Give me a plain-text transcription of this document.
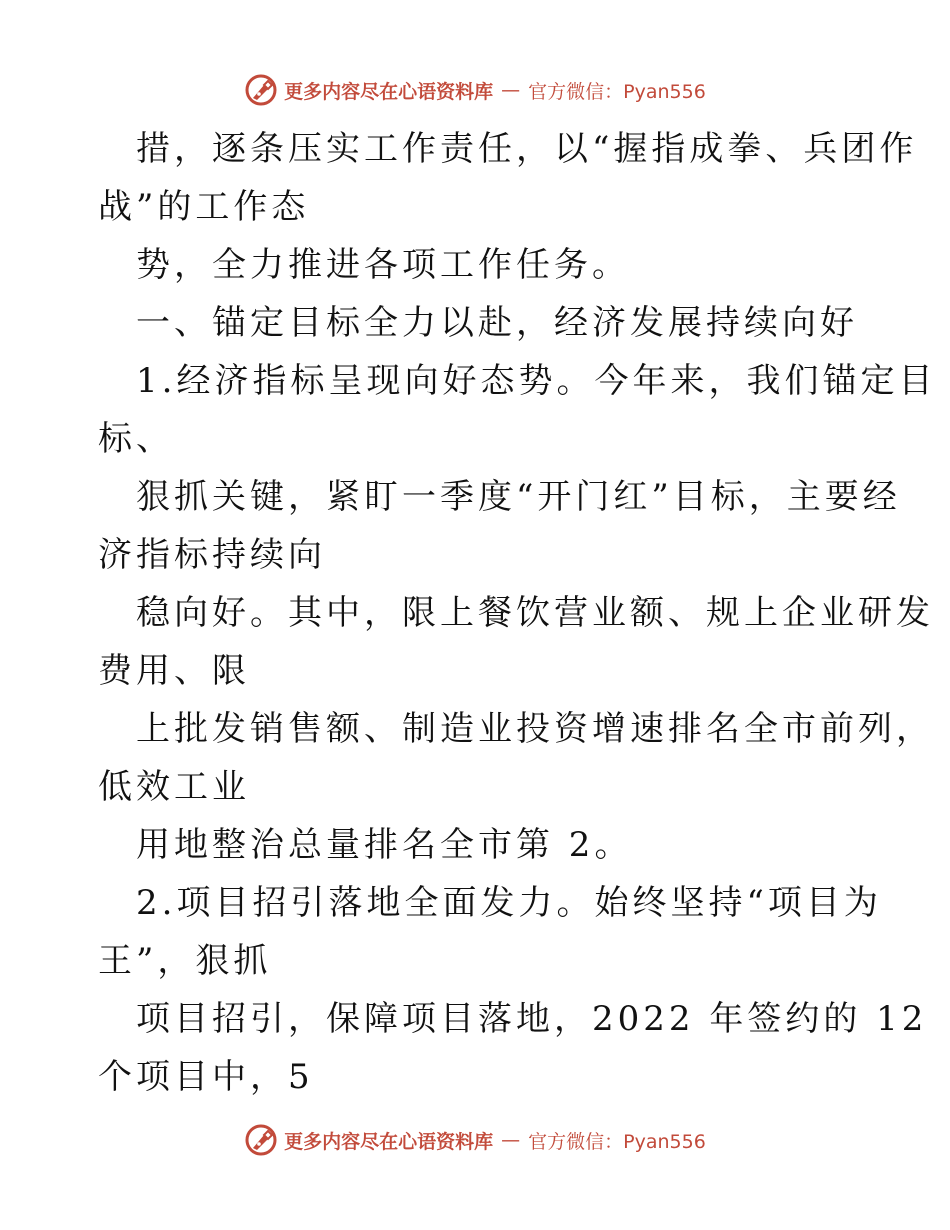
更多内容尽在心语资料库 — 官方微信：Pyan556
措，逐条压实工作责任，以“握指成拳、兵团作
战”的工作态
势，全力推进各项工作任务。
一、锚定目标全力以赴，经济发展持续向好
1.经济指标呈现向好态势。今年来，我们锚定目
标、
狠抓关键，紧盯一季度“开门红”目标，主要经
济指标持续向
稳向好。其中，限上餐饮营业额、规上企业研发
费用、限
上批发销售额、制造业投资增速排名全市前列，
低效工业
用地整治总量排名全市第 2。
2.项目招引落地全面发力。始终坚持“项目为
王”，狠抓
项目招引，保障项目落地，2022 年签约的 12
个项目中，5
更多内容尽在心语资料库 — 官方微信：Pyan556
